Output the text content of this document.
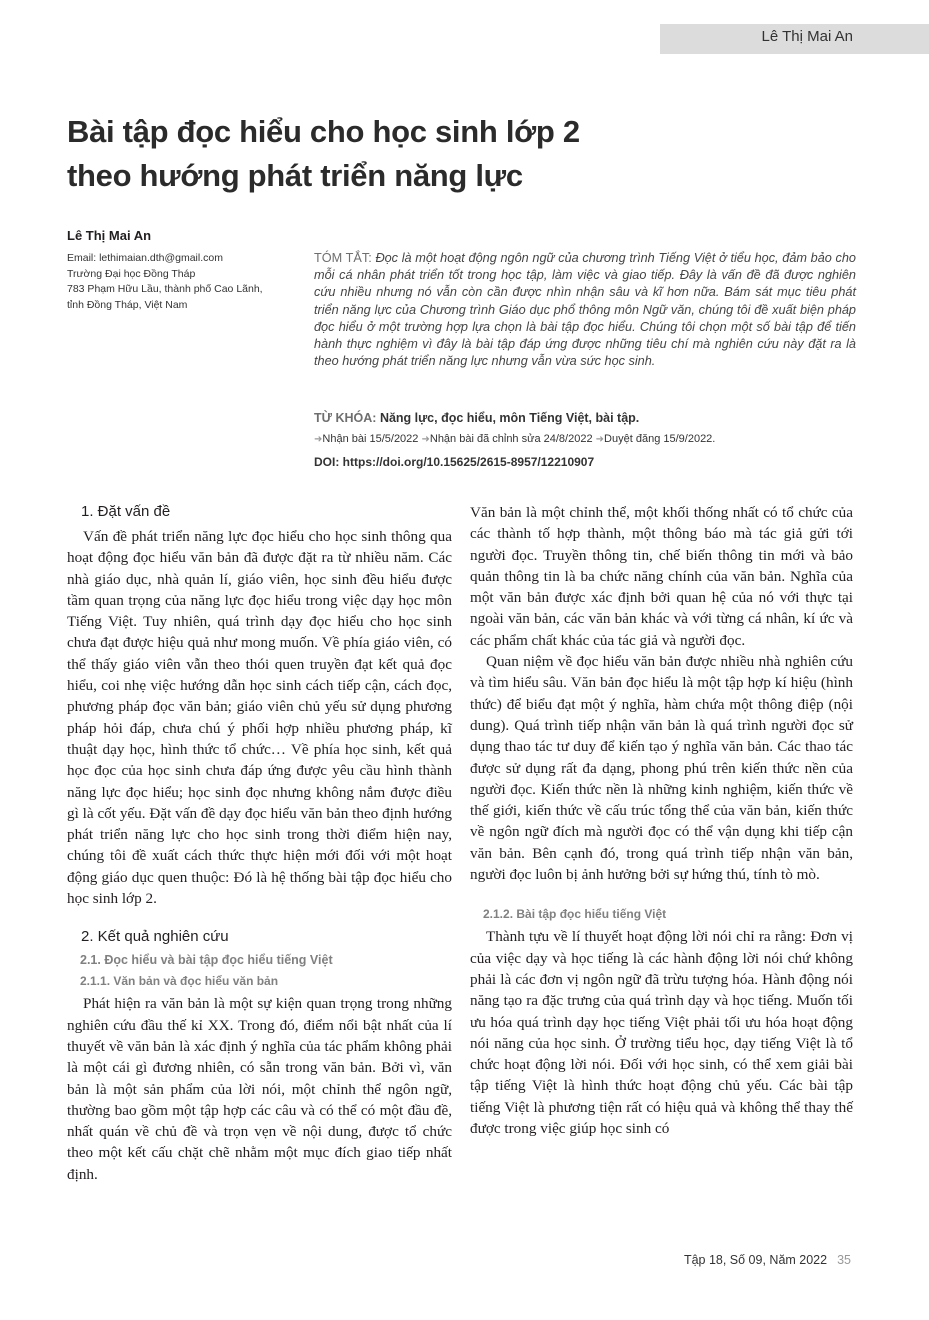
Lê Thị Mai An
Bài tập đọc hiểu cho học sinh lớp 2
theo hướng phát triển năng lực
Lê Thị Mai An
Email: lethimaian.dth@gmail.com
Trường Đại học Đồng Tháp
783 Phạm Hữu Lầu, thành phố Cao Lãnh,
tỉnh Đồng Tháp, Việt Nam

TÓM TẮT: Đọc là một hoạt động ngôn ngữ của chương trình Tiếng Việt ở tiểu học, đảm bảo cho mỗi cá nhân phát triển tốt trong học tập, làm việc và giao tiếp. Đây là vấn đề đã được nghiên cứu nhiều nhưng nó vẫn còn cần được nhìn nhận sâu và kĩ hơn nữa. Bám sát mục tiêu phát triển năng lực của Chương trình Giáo dục phổ thông môn Ngữ văn, chúng tôi đề xuất biện pháp đọc hiểu ở một trường hợp lựa chọn là bài tập đọc hiểu. Chúng tôi chọn một số bài tập để tiến hành thực nghiệm vì đây là bài tập đáp ứng được những tiêu chí mà nghiên cứu này đặt ra là theo hướng phát triển năng lực nhưng vẫn vừa sức học sinh.

TỪ KHÓA: Năng lực, đọc hiểu, môn Tiếng Việt, bài tập.
➜Nhận bài 15/5/2022 ➜Nhận bài đã chỉnh sửa 24/8/2022 ➜Duyệt đăng 15/9/2022.
DOI: https://doi.org/10.15625/2615-8957/12210907
1. Đặt vấn đề

Vấn đề phát triển năng lực đọc hiểu cho học sinh thông qua hoạt động đọc hiểu văn bản đã được đặt ra từ nhiều năm. Các nhà giáo dục, nhà quản lí, giáo viên, học sinh đều hiểu được tầm quan trọng của năng lực đọc hiểu trong việc dạy học môn Tiếng Việt. Tuy nhiên, quá trình dạy đọc hiểu cho học sinh chưa đạt được hiệu quả như mong muốn. Về phía giáo viên, có thể thấy giáo viên vẫn theo thói quen truyền đạt kết quả đọc hiểu, coi nhẹ việc hướng dẫn học sinh cách tiếp cận, cách đọc, phương pháp đọc văn bản; giáo viên chủ yếu sử dụng phương pháp hỏi đáp, chưa chú ý phối hợp nhiều phương pháp, kĩ thuật dạy học, hình thức tổ chức… Về phía học sinh, kết quả học đọc của học sinh chưa đáp ứng được yêu cầu hình thành năng lực đọc hiểu; học sinh đọc nhưng không nắm được điều gì là cốt yếu. Đặt vấn đề dạy đọc hiểu văn bản theo định hướng phát triển năng lực cho học sinh trong thời điểm hiện nay, chúng tôi đề xuất cách thức thực hiện mới đối với một hoạt động giáo dục quen thuộc: Đó là hệ thống bài tập đọc hiểu cho học sinh lớp 2.

2. Kết quả nghiên cứu
2.1. Đọc hiểu và bài tập đọc hiểu tiếng Việt
2.1.1. Văn bản và đọc hiểu văn bản

Phát hiện ra văn bản là một sự kiện quan trọng trong những nghiên cứu đầu thế kỉ XX. Trong đó, điểm nổi bật nhất của lí thuyết về văn bản là xác định ý nghĩa của tác phẩm không phải là một cái gì đương nhiên, có sẵn trong văn bản. Bởi vì, văn bản là một sản phẩm của lời nói, một chỉnh thể ngôn ngữ, thường bao gồm một tập hợp các câu và có thể có một đầu đề, nhất quán về chủ đề và trọn vẹn về nội dung, được tổ chức theo một kết cấu chặt chẽ nhằm một mục đích giao tiếp nhất định.

Văn bản là một chỉnh thể, một khối thống nhất có tổ chức của các thành tố hợp thành, một thông báo mà tác giả gửi tới người đọc. Truyền thông tin, chế biến thông tin mới và bảo quản thông tin là ba chức năng chính của văn bản. Nghĩa của một văn bản được xác định bởi quan hệ của nó với thực tại ngoài văn bản, các văn bản khác và với từng cá nhân, kí ức và các phẩm chất khác của tác giả và người đọc.

Quan niệm về đọc hiểu văn bản được nhiều nhà nghiên cứu và tìm hiểu sâu. Văn bản đọc hiểu là một tập hợp kí hiệu (hình thức) để biểu đạt một ý nghĩa, hàm chứa một thông điệp (nội dung). Quá trình tiếp nhận văn bản là quá trình người đọc sử dụng thao tác tư duy để kiến tạo ý nghĩa văn bản. Các thao tác được sử dụng rất đa dạng, phong phú trên kiến thức nền của người đọc. Kiến thức nền là những kinh nghiệm, kiến thức về thế giới, kiến thức về cấu trúc tổng thể của văn bản, kiến thức về ngôn ngữ đích mà người đọc có thể vận dụng khi tiếp cận văn bản. Bên cạnh đó, trong quá trình tiếp nhận văn bản, người đọc luôn bị ảnh hưởng bởi sự hứng thú, tính tò mò.

2.1.2. Bài tập đọc hiểu tiếng Việt

Thành tựu về lí thuyết hoạt động lời nói chỉ ra rằng: Đơn vị của việc dạy và học tiếng là các hành động lời nói chứ không phải là các đơn vị ngôn ngữ đã trừu tượng hóa. Hành động nói năng tạo ra đặc trưng của quá trình dạy và học tiếng. Muốn tối ưu hóa quá trình dạy học tiếng Việt phải tối ưu hóa hoạt động nói năng của học sinh. Ở trường tiểu học, dạy tiếng Việt là tổ chức hoạt động lời nói. Đối với học sinh, có thể xem giải bài tập tiếng Việt là hình thức hoạt động chủ yếu. Các bài tập tiếng Việt là phương tiện rất có hiệu quả và không thể thay thế được trong việc giúp học sinh có

Tập 18, Số 09, Năm 2022 35
